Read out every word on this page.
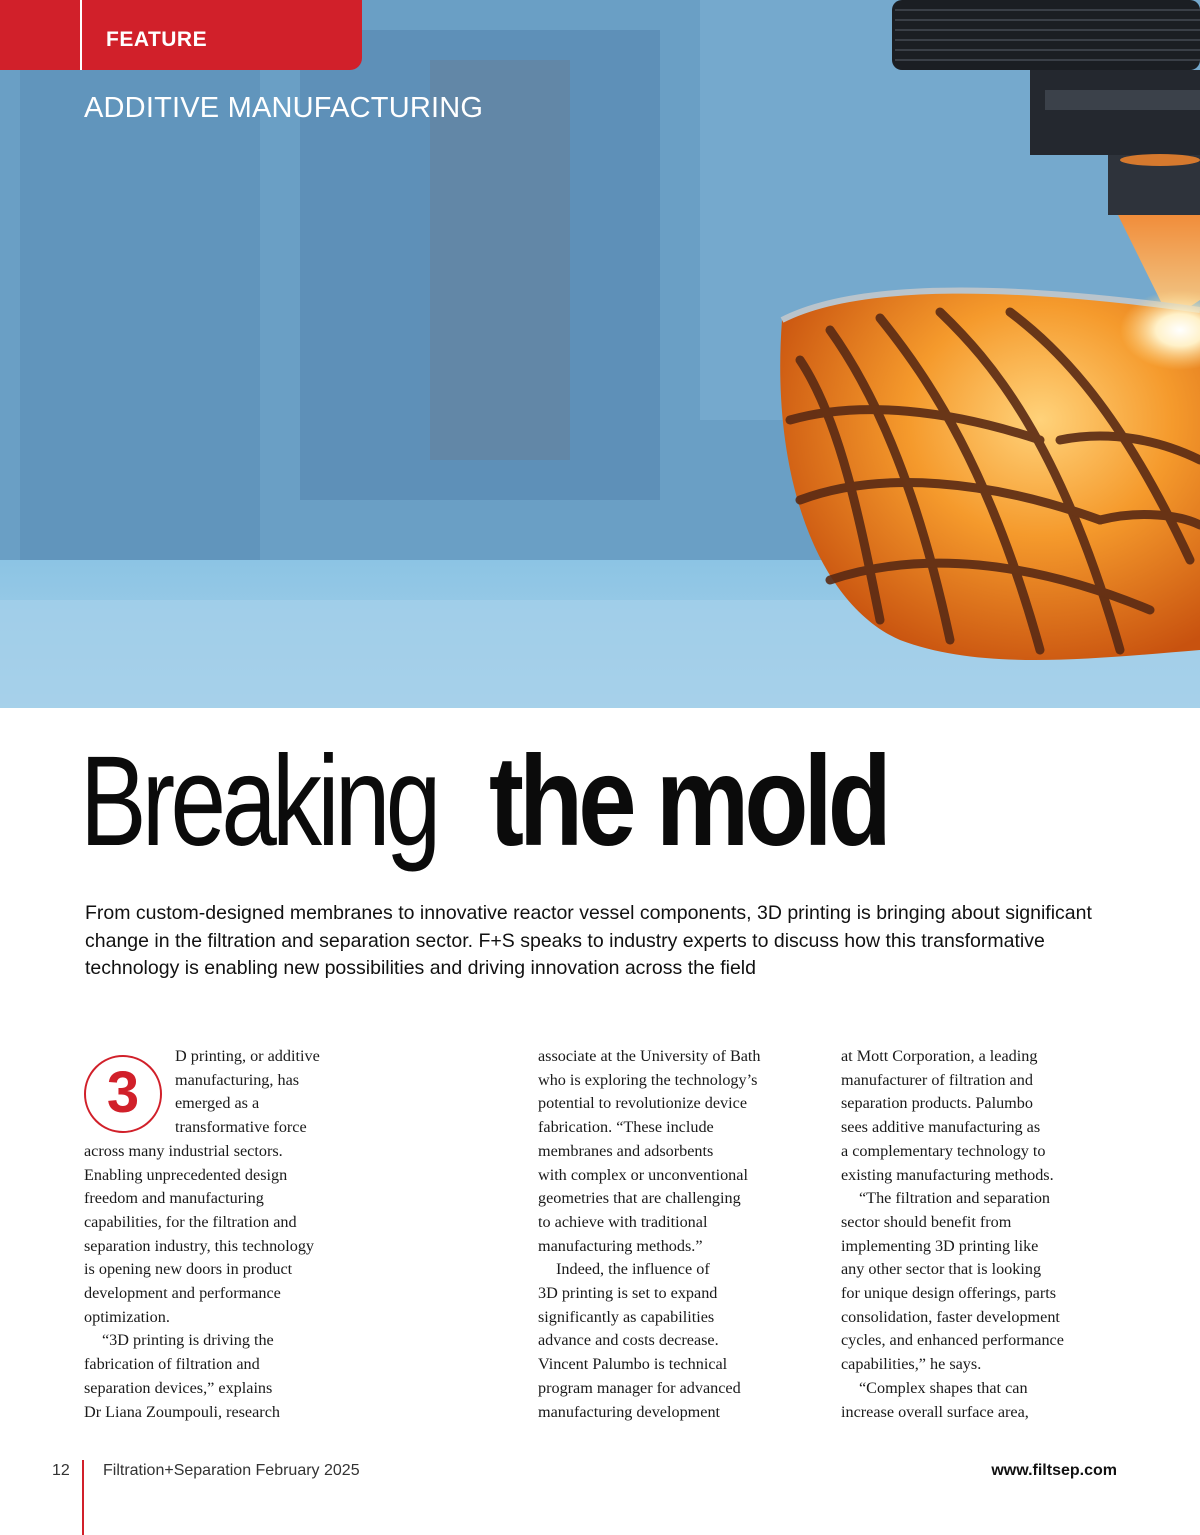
FEATURE
ADDITIVE MANUFACTURING
Breaking the mold

From custom-designed membranes to innovative reactor vessel components, 3D printing is bringing about significant
change in the filtration and separation sector. F+S speaks to industry experts to discuss how this transformative
technology is enabling new possibilities and driving innovation across the field

3
D printing, or additive
manufacturing, has
emerged as a
transformative force
across many industrial sectors.
Enabling unprecedented design
freedom and manufacturing
capabilities, for the filtration and
separation industry, this technology
is opening new doors in product
development and performance
optimization.
“3D printing is driving the
fabrication of filtration and
separation devices,” explains
Dr Liana Zoumpouli, research
associate at the University of Bath
who is exploring the technology’s
potential to revolutionize device
fabrication. “These include
membranes and adsorbents
with complex or unconventional
geometries that are challenging
to achieve with traditional
manufacturing methods.”
Indeed, the influence of
3D printing is set to expand
significantly as capabilities
advance and costs decrease.
Vincent Palumbo is technical
program manager for advanced
manufacturing development
at Mott Corporation, a leading
manufacturer of filtration and
separation products. Palumbo
sees additive manufacturing as
a complementary technology to
existing manufacturing methods.
“The filtration and separation
sector should benefit from
implementing 3D printing like
any other sector that is looking
for unique design offerings, parts
consolidation, faster development
cycles, and enhanced performance
capabilities,” he says.
“Complex shapes that can
increase overall surface area,
12 Filtration+Separation February 2025	www.filtsep.com
